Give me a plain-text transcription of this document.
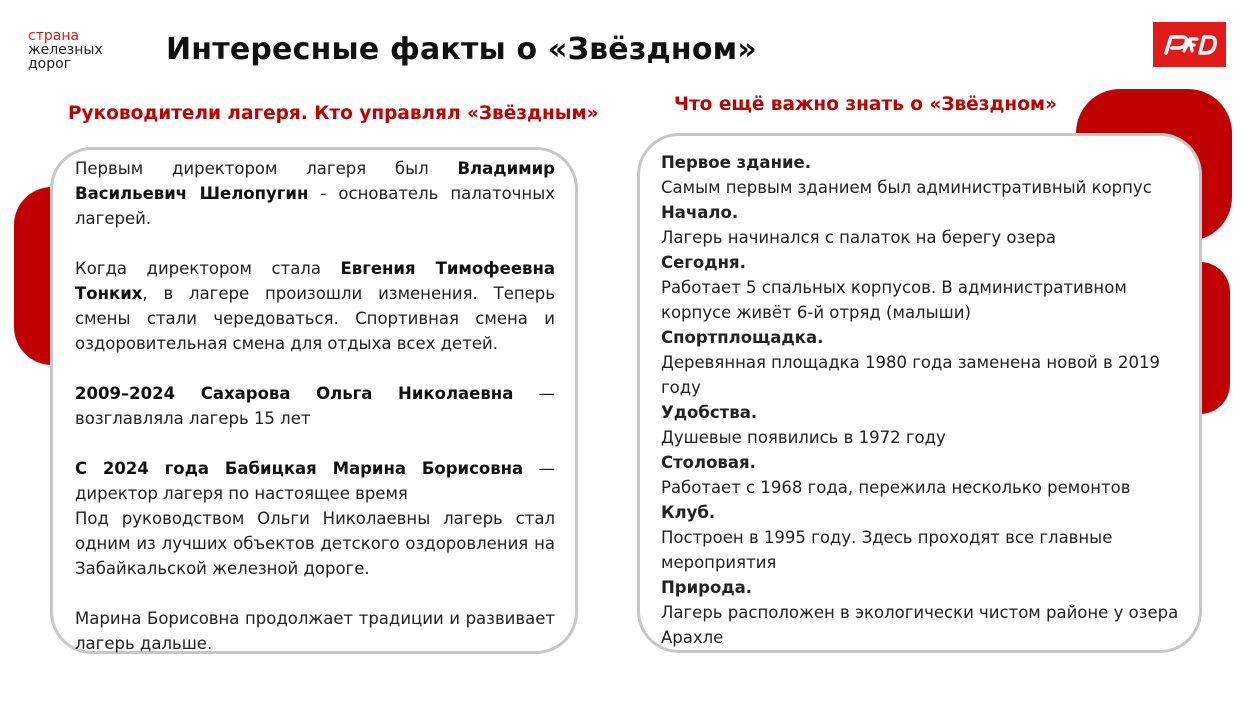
страна
железных
дорог	Интересные факты о «Звёздном»
Руководители лагеря. Кто управлял «Звёздным»	Что ещё важно знать о «Звёздном»

Первым директором лагеря был Владимир Васильевич Шелопугин - основатель палаточных лагерей.

Когда директором стала Евгения Тимофеевна Тонких, в лагере произошли изменения. Теперь смены стали чередоваться. Спортивная смена и оздоровительная смена для отдыха всех детей.

2009–2024 Сахарова Ольга Николаевна — возглавляла лагерь 15 лет

С 2024 года Бабицкая Марина Борисовна — директор лагеря по настоящее время

Под руководством Ольги Николаевны лагерь стал одним из лучших объектов детского оздоровления на Забайкальской железной дороге.

Марина Борисовна продолжает традиции и развивает лагерь дальше.

Первое здание.

Самым первым зданием был административный корпус

Начало.

Лагерь начинался с палаток на берегу озера

Сегодня.

Работает 5 спальных корпусов. В административном корпусе живёт 6-й отряд (малыши)

Спортплощадка.

Деревянная площадка 1980 года заменена новой в 2019 году

Удобства.

Душевые появились в 1972 году

Столовая.

Работает с 1968 года, пережила несколько ремонтов

Клуб.

Построен в 1995 году. Здесь проходят все главные мероприятия

Природа.

Лагерь расположен в экологически чистом районе у озера Арахле
